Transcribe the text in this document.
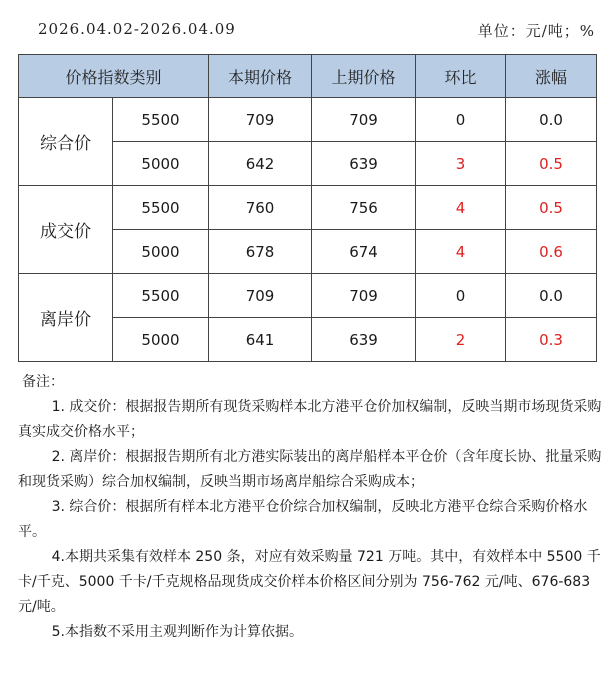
2026.04.02-2026.04.09	单位：元/吨；%
价格指数类别		本期价格	上期价格	环比	涨幅
综合价	5500	709	709	0	0.0
	5000	642	639	3	0.5
成交价	5500	760	756	4	0.5
	5000	678	674	4	0.6
离岸价	5500	709	709	0	0.0
	5000	641	639	2	0.3
备注：

1. 成交价：根据报告期所有现货采购样本北方港平仓价加权编制，反映当期市场现货采购真实成交价格水平；

2. 离岸价：根据报告期所有北方港实际装出的离岸船样本平仓价（含年度长协、批量采购和现货采购）综合加权编制，反映当期市场离岸船综合采购成本；

3. 综合价：根据所有样本北方港平仓价综合加权编制，反映北方港平仓综合采购价格水平。

4.本期共采集有效样本 250 条，对应有效采购量 721 万吨。其中，有效样本中 5500 千卡/千克、5000 千卡/千克规格品现货成交价样本价格区间分别为 756-762 元/吨、676-683 元/吨。

5.本指数不采用主观判断作为计算依据。
